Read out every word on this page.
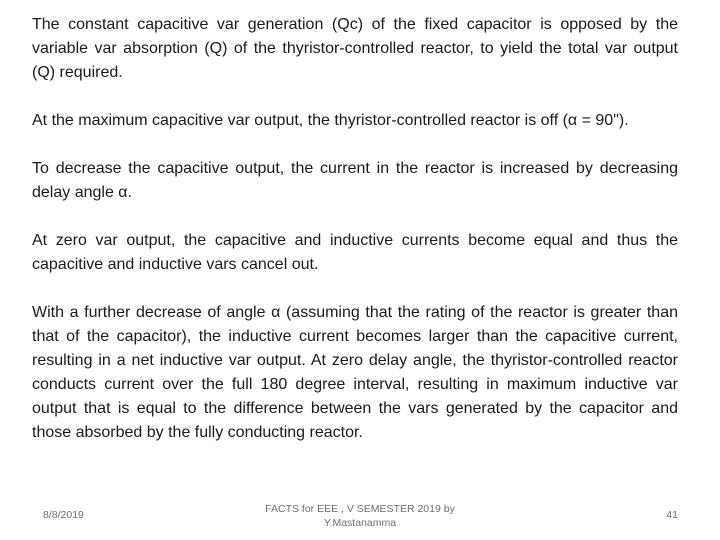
The constant capacitive var generation (Qc) of the fixed capacitor is opposed by the variable var absorption (Q) of the thyristor-controlled reactor, to yield the total var output (Q) required.

At the maximum capacitive var output, the thyristor-controlled reactor is off (α = 90").

To decrease the capacitive output, the current in the reactor is increased by decreasing delay angle α.

At zero var output, the capacitive and inductive currents become equal and thus the capacitive and inductive vars cancel out.

With a further decrease of angle α (assuming that the rating of the reactor is greater than that of the capacitor), the inductive current becomes larger than the capacitive current, resulting in a net inductive var output. At zero delay angle, the thyristor-controlled reactor conducts current over the full 180 degree interval, resulting in maximum inductive var output that is equal to the difference between the vars generated by the capacitor and those absorbed by the fully conducting reactor.

8/8/2019	FACTS for EEE , V SEMESTER 2019 by
Y.Mastanamma
41
